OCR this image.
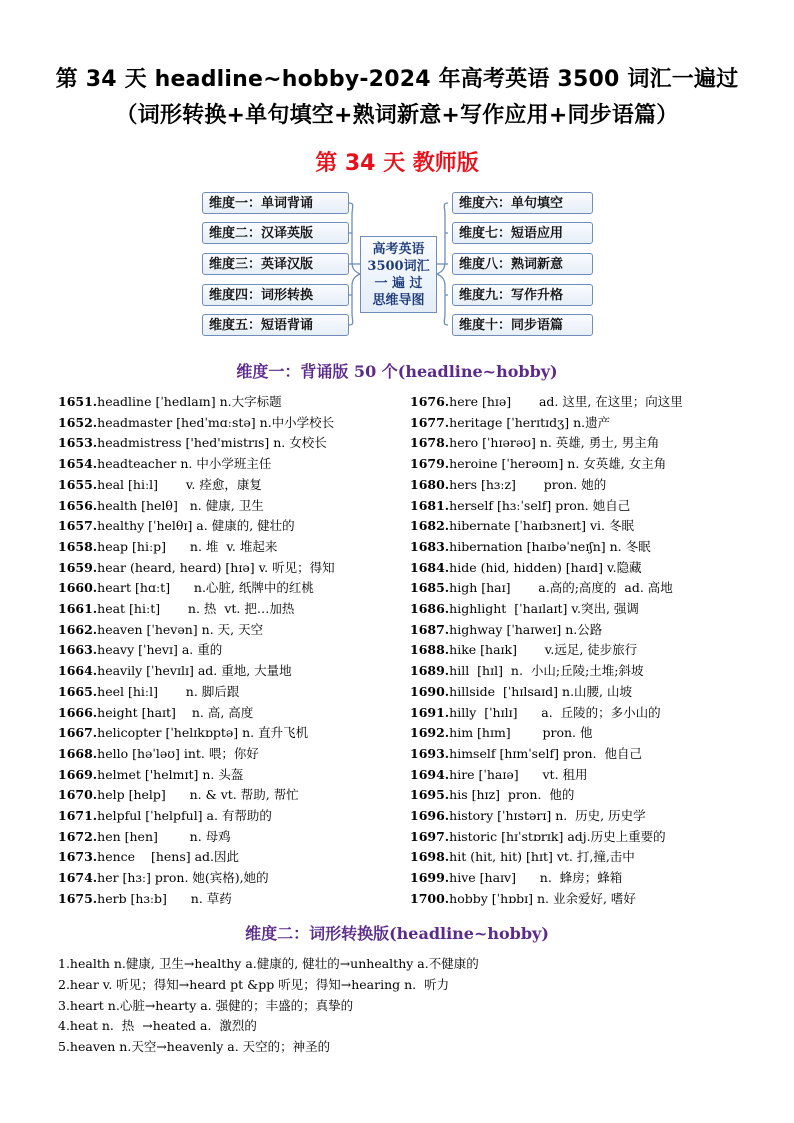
第 34 天 headline~hobby-2024 年高考英语 3500 词汇一遍过（词形转换+单句填空+熟词新意+写作应用+同步语篇）
第 34 天 教师版
维度一：单词背诵
维度二：汉译英版
维度三：英译汉版
维度四：词形转换
维度五：短语背诵
高考英语
3500词汇
一 遍 过
思维导图
维度六：单句填空
维度七：短语应用
维度八：熟词新意
维度九：写作升格
维度十：同步语篇
维度一：背诵版 50 个(headline~hobby)
1651.headline [ˈhedlaɪn] n.大字标题
1652.headmaster [hedˈmɑːstə] n.中小学校长
1653.headmistress ['hed'mistrɪs] n. 女校长
1654.headteacher n. 中小学班主任
1655.heal [hiːl]       v. 痊愈，康复
1656.health [helθ]   n. 健康, 卫生
1657.healthy [ˈhelθɪ] a. 健康的, 健壮的
1658.heap [hiːp]      n. 堆  v. 堆起来
1659.hear (heard, heard) [hɪə] v. 听见；得知
1660.heart [hɑːt]      n.心脏, 纸牌中的红桃
1661.heat [hiːt]       n. 热  vt. 把…加热
1662.heaven [ˈhevən] n. 天, 天空
1663.heavy [ˈhevɪ] a. 重的
1664.heavily [ˈhevɪlɪ] ad. 重地, 大量地
1665.heel [hiːl]       n. 脚后跟
1666.height [haɪt]    n. 高, 高度
1667.helicopter [ˈhelɪkɒptə] n. 直升飞机
1668.hello [həˈləʊ] int. 喂；你好
1669.helmet ['helmɪt] n. 头盔
1670.help [help]      n. & vt. 帮助, 帮忙
1671.helpful [ˈhelpful] a. 有帮助的
1672.hen [hen]        n. 母鸡
1673.hence    [hens] ad.因此
1674.her [hɜː] pron. 她(宾格),她的
1675.herb [hɜːb]      n. 草药
1676.here [hɪə]       ad. 这里, 在这里；向这里
1677.heritage [ˈherɪtɪdʒ] n.遗产
1678.hero [ˈhɪərəʊ] n. 英雄, 勇士, 男主角
1679.heroine [ˈherəʊɪn] n. 女英雄, 女主角
1680.hers [hɜːz]       pron. 她的
1681.herself [hɜːˈself] pron. 她自己
1682.hibernate [ˈhaɪbɜneɪt] vi. 冬眠
1683.hibernation [haɪbəˈneɪʃn] n. 冬眠
1684.hide (hid, hidden) [haɪd] v.隐藏
1685.high [haɪ]       a.高的;高度的  ad. 高地
1686.highlight  [ˈhaɪlaɪt] v.突出, 强调
1687.highway [ˈhaɪweɪ] n.公路
1688.hike [haɪk]       v.远足, 徒步旅行
1689.hill  [hɪl]  n.  小山;丘陵;土堆;斜坡
1690.hillside  [ˈhɪlsaɪd] n.山腰, 山坡
1691.hilly  [ˈhɪlɪ]      a.  丘陵的；多小山的
1692.him [hɪm]        pron. 他
1693.himself [hɪmˈself] pron.  他自己
1694.hire [ˈhaɪə]      vt. 租用
1695.his [hɪz]  pron.  他的
1696.history [ˈhɪstərɪ] n.  历史, 历史学
1697.historic [hɪˈstɒrɪk] adj.历史上重要的
1698.hit (hit, hit) [hɪt] vt. 打,撞,击中
1699.hive [haɪv]      n.  蜂房；蜂箱
1700.hobby [ˈhɒbɪ] n. 业余爱好, 嗜好
维度二：词形转换版(headline~hobby)
1.health n.健康, 卫生→healthy a.健康的, 健壮的→unhealthy a.不健康的
2.hear v. 听见；得知→heard pt &pp 听见；得知→hearing n.  听力
3.heart n.心脏→hearty a. 强健的；丰盛的；真挚的
4.heat n.  热  →heated a.  激烈的
5.heaven n.天空→heavenly a. 天空的；神圣的
